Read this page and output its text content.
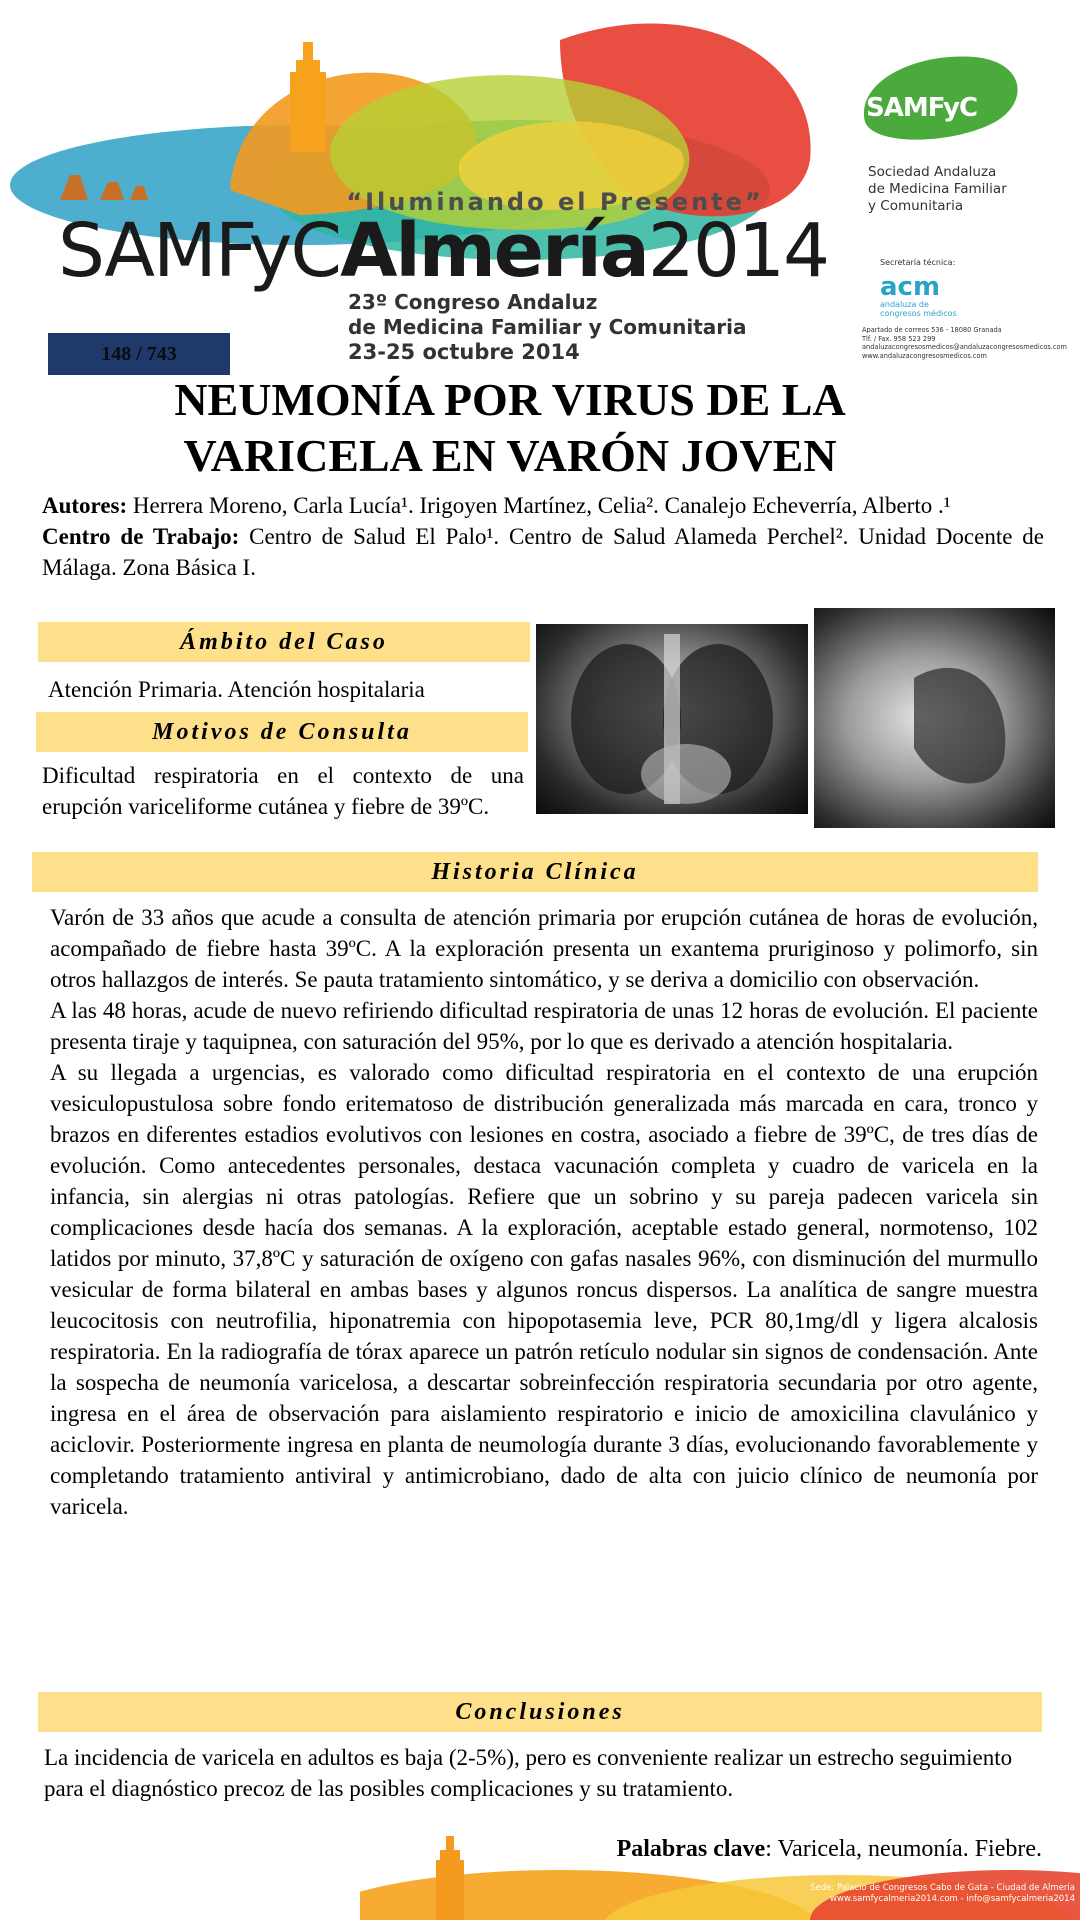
“Iluminando el Presente”
SAMFyCAlmería2014
23º Congreso Andaluz
de Medicina Familiar y Comunitaria
23-25 octubre 2014
SAMFyC
Sociedad Andaluza
de Medicina Familiar
y Comunitaria
Secretaría técnica:
acm
andaluza de congresos médicos
Apartado de correos 536 - 18080 Granada
Tlf. / Fax. 958 523 299
andaluzacongresosmedicos@andaluzacongresosmedicos.com
www.andaluzacongresosmedicos.com
148 / 743
NEUMONÍA POR VIRUS DE LA
VARICELA EN VARÓN JOVEN
Autores: Herrera Moreno, Carla Lucía¹. Irigoyen Martínez, Celia². Canalejo Echeverría, Alberto .¹
Centro de Trabajo: Centro de Salud El Palo¹. Centro de Salud Alameda Perchel². Unidad Docente de Málaga. Zona Básica I.
Ámbito del Caso
Atención Primaria. Atención hospitalaria
Motivos de Consulta
Dificultad respiratoria en el contexto de una erupción variceliforme cutánea y fiebre de 39ºC.
Historia Clínica
Varón de 33 años que acude a consulta de atención primaria por erupción cutánea de horas de evolución, acompañado de fiebre hasta 39ºC. A la exploración presenta un exantema pruriginoso y polimorfo, sin otros hallazgos de interés. Se pauta tratamiento sintomático, y se deriva a domicilio con observación.
A las 48 horas, acude de nuevo refiriendo dificultad respiratoria de unas 12 horas de evolución. El paciente presenta tiraje y taquipnea, con saturación del 95%, por lo que es derivado a atención hospitalaria.
A su llegada a urgencias, es valorado como dificultad respiratoria en el contexto de una erupción vesiculopustulosa sobre fondo eritematoso de distribución generalizada más marcada en cara, tronco y brazos en diferentes estadios evolutivos con lesiones en costra, asociado a fiebre de 39ºC, de tres días de evolución. Como antecedentes personales, destaca vacunación completa y cuadro de varicela en la infancia, sin alergias ni otras patologías. Refiere que un sobrino y su pareja padecen varicela sin complicaciones desde hacía dos semanas. A la exploración, aceptable estado general, normotenso, 102 latidos por minuto, 37,8ºC y saturación de oxígeno con gafas nasales 96%, con disminución del murmullo vesicular de forma bilateral en ambas bases y algunos roncus dispersos. La analítica de sangre muestra leucocitosis con neutrofilia, hiponatremia con hipopotasemia leve, PCR 80,1mg/dl y ligera alcalosis respiratoria. En la radiografía de tórax aparece un patrón retículo nodular sin signos de condensación. Ante la sospecha de neumonía varicelosa, a descartar sobreinfección respiratoria secundaria por otro agente, ingresa en el área de observación para aislamiento respiratorio e inicio de amoxicilina clavulánico y aciclovir. Posteriormente ingresa en planta de neumología durante 3 días, evolucionando favorablemente y completando tratamiento antiviral y antimicrobiano, dado de alta con juicio clínico de neumonía por varicela.
Conclusiones
La incidencia de varicela en adultos es baja (2-5%), pero es conveniente realizar un estrecho seguimiento para el diagnóstico precoz de las posibles complicaciones y su tratamiento.
Palabras clave: Varicela, neumonía. Fiebre.
Sede: Palacio de Congresos Cabo de Gata - Ciudad de Almería
www.samfycalmeria2014.com - info@samfycalmeria2014
